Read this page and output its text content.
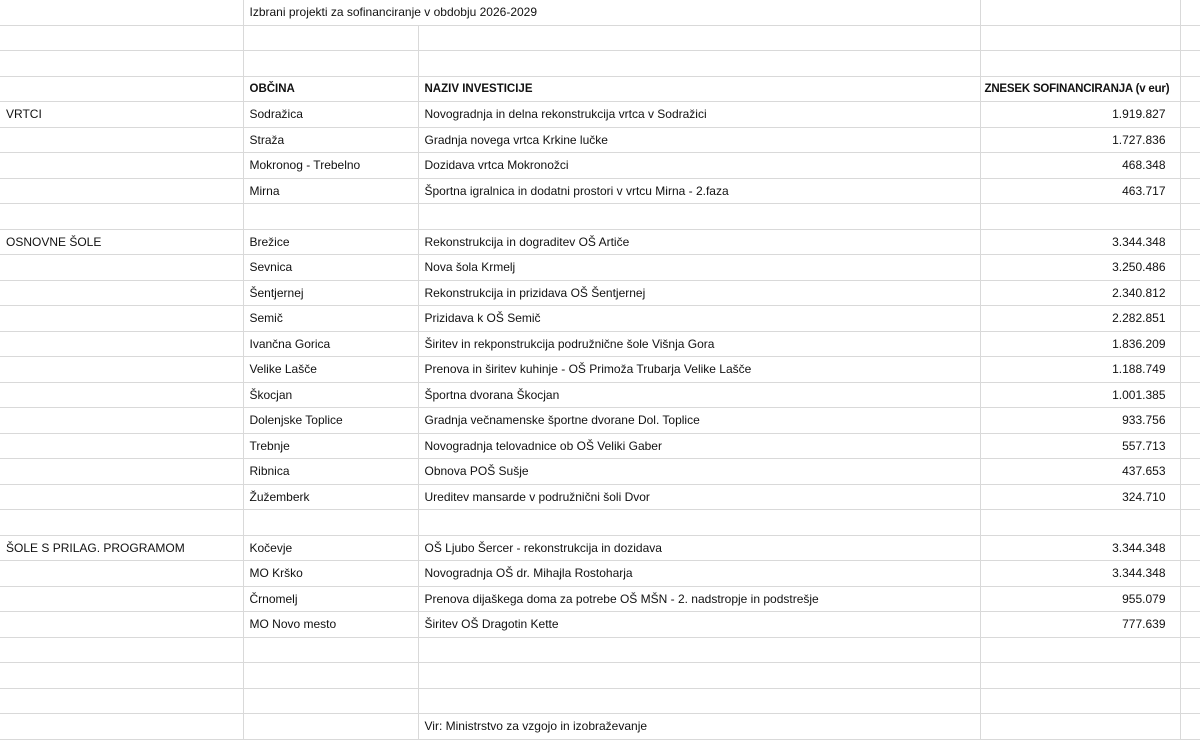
	Izbrani projekti za sofinanciranje v obdobju 2026-2029			

	OBČINA	NAZIV INVESTICIJE	ZNESEK SOFINANCIRANJA (v eur)	
VRTCI	Sodražica	Novogradnja in delna rekonstrukcija vrtca v Sodražici	1.919.827	
	Straža	Gradnja novega vrtca Krkine lučke	1.727.836	
	Mokronog - Trebelno	Dozidava vrtca Mokronožci	468.348	
	Mirna	Športna igralnica in dodatni prostori v vrtcu Mirna - 2.faza	463.717	

OSNOVNE ŠOLE	Brežice	Rekonstrukcija in dograditev OŠ Artiče	3.344.348	
	Sevnica	Nova šola Krmelj	3.250.486	
	Šentjernej	Rekonstrukcija in prizidava OŠ Šentjernej	2.340.812	
	Semič	Prizidava k OŠ Semič	2.282.851	
	Ivančna Gorica	Širitev in rekponstrukcija podružnične šole Višnja Gora	1.836.209	
	Velike Lašče	Prenova in širitev kuhinje - OŠ Primoža Trubarja Velike Lašče	1.188.749	
	Škocjan	Športna dvorana Škocjan	1.001.385	
	Dolenjske Toplice	Gradnja večnamenske športne dvorane Dol. Toplice	933.756	
	Trebnje	Novogradnja telovadnice ob OŠ Veliki Gaber	557.713	
	Ribnica	Obnova POŠ Sušje	437.653	
	Žužemberk	Ureditev mansarde v podružnični šoli Dvor	324.710	

ŠOLE S PRILAG. PROGRAMOM	Kočevje	OŠ Ljubo Šercer - rekonstrukcija in dozidava	3.344.348	
	MO Krško	Novogradnja OŠ dr. Mihajla Rostoharja	3.344.348	
	Črnomelj	Prenova dijaškega doma za potrebe OŠ MŠN - 2. nadstropje in podstrešje	955.079	
	MO Novo mesto	Širitev OŠ Dragotin Kette	777.639	

		Vir: Ministrstvo za vzgojo in izobraževanje		
